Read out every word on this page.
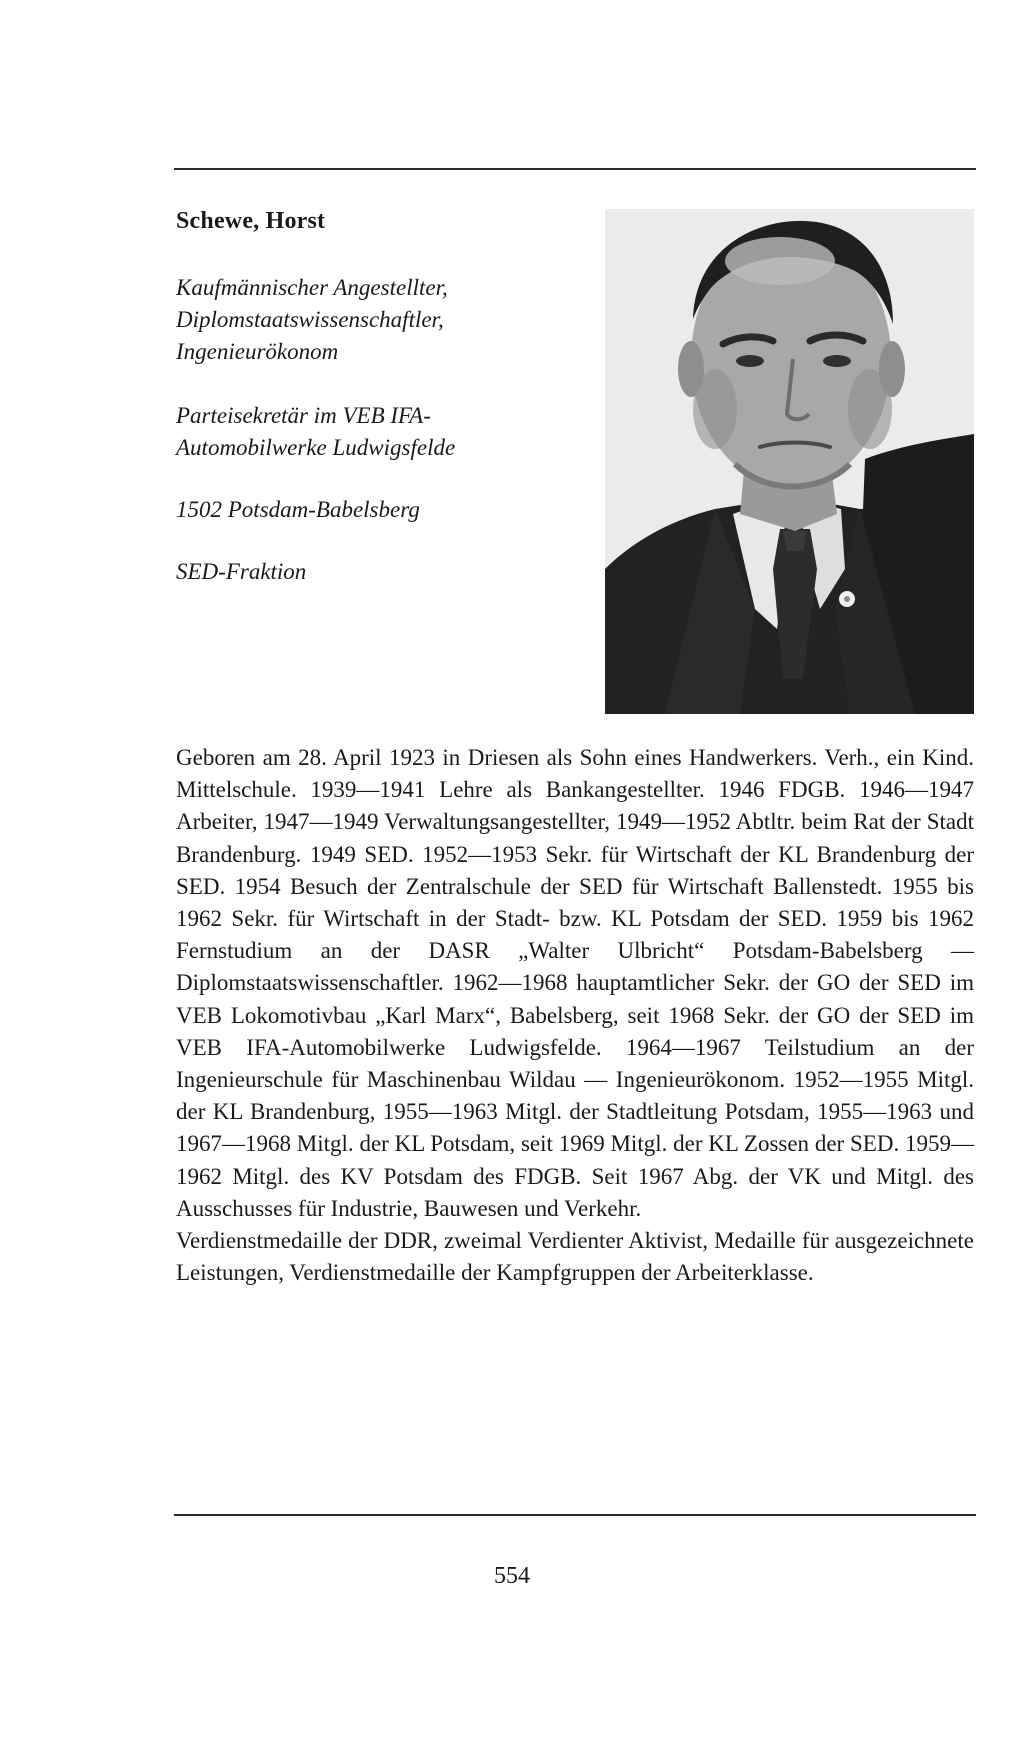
Schewe, Horst
Kaufmännischer Angestellter,
Diplomstaatswissenschaftler,
Ingenieurökonom
Parteisekretär im VEB IFA-
Automobilwerke Ludwigsfelde
1502 Potsdam-Babelsberg
SED-Fraktion

Geboren am 28. April 1923 in Driesen als Sohn eines Handwerkers. Verh., ein Kind. Mittelschule. 1939—1941 Lehre als Bankangestellter. 1946 FDGB. 1946—1947 Arbeiter, 1947—1949 Verwaltungsangestellter, 1949—1952 Abtltr. beim Rat der Stadt Brandenburg. 1949 SED. 1952—1953 Sekr. für Wirtschaft der KL Brandenburg der SED. 1954 Besuch der Zentralschule der SED für Wirtschaft Ballenstedt. 1955 bis 1962 Sekr. für Wirtschaft in der Stadt- bzw. KL Potsdam der SED. 1959 bis 1962 Fernstudium an der DASR „Walter Ulbricht“ Potsdam-Babelsberg — Diplomstaatswissenschaftler. 1962—1968 hauptamtlicher Sekr. der GO der SED im VEB Lokomotivbau „Karl Marx“, Babelsberg, seit 1968 Sekr. der GO der SED im VEB IFA-Automobilwerke Ludwigsfelde. 1964—1967 Teilstudium an der Ingenieurschule für Maschinenbau Wildau — Ingenieurökonom. 1952—1955 Mitgl. der KL Brandenburg, 1955—1963 Mitgl. der Stadtleitung Potsdam, 1955—1963 und 1967—1968 Mitgl. der KL Potsdam, seit 1969 Mitgl. der KL Zossen der SED. 1959—1962 Mitgl. des KV Potsdam des FDGB. Seit 1967 Abg. der VK und Mitgl. des Ausschusses für Industrie, Bauwesen und Verkehr.

Verdienstmedaille der DDR, zweimal Verdienter Aktivist, Medaille für ausgezeichnete Leistungen, Verdienstmedaille der Kampfgruppen der Arbeiterklasse.

554
